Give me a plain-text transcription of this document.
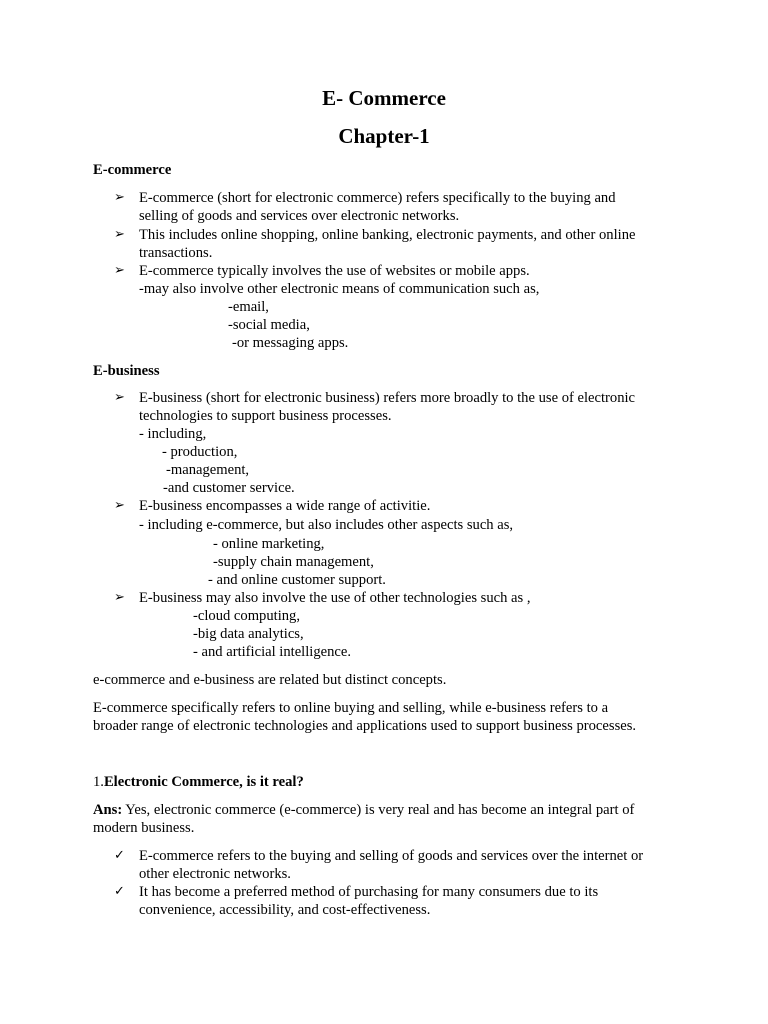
E- Commerce
Chapter-1
E-commerce
➢ E-commerce (short for electronic commerce) refers specifically to the buying and
selling of goods and services over electronic networks.
➢ This includes online shopping, online banking, electronic payments, and other online
transactions.
➢ E-commerce typically involves the use of websites or mobile apps.
-may also involve other electronic means of communication such as,
-email,
-social media,
-or messaging apps.
E-business
➢ E-business (short for electronic business) refers more broadly to the use of electronic
technologies to support business processes.
- including,
- production,
-management,
-and customer service.
➢ E-business encompasses a wide range of activitie.
- including e-commerce, but also includes other aspects such as,
- online marketing,
-supply chain management,
- and online customer support.
➢ E-business may also involve the use of other technologies such as ,
-cloud computing,
-big data analytics,
- and artificial intelligence.
e-commerce and e-business are related but distinct concepts.
E-commerce specifically refers to online buying and selling, while e-business refers to a
broader range of electronic technologies and applications used to support business processes.
1.Electronic Commerce, is it real?
Ans: Yes, electronic commerce (e-commerce) is very real and has become an integral part of
modern business.
✓ E-commerce refers to the buying and selling of goods and services over the internet or
other electronic networks.
✓ It has become a preferred method of purchasing for many consumers due to its
convenience, accessibility, and cost-effectiveness.
